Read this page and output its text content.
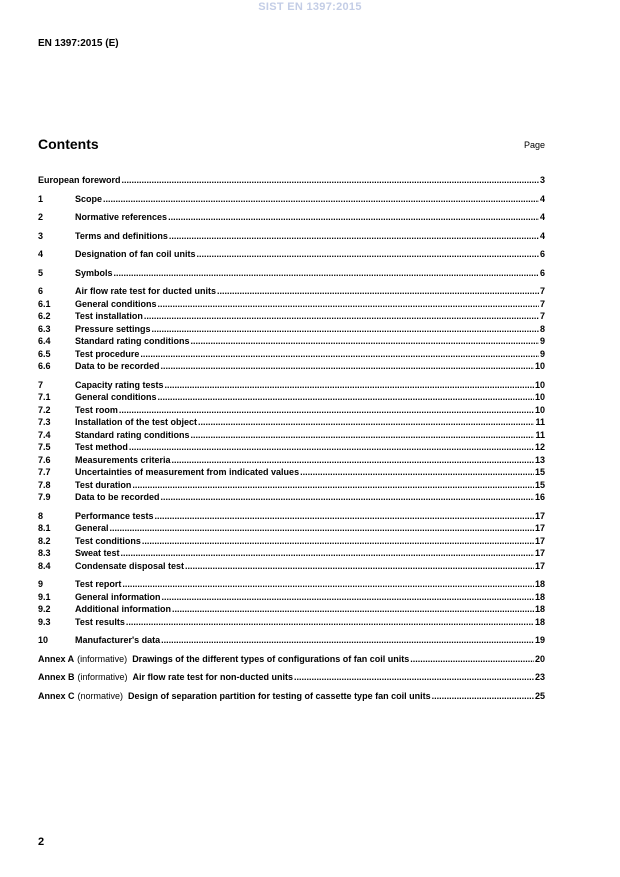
SIST EN 1397:2015
EN 1397:2015 (E)
Contents	Page
European foreword .....	3
1	Scope .....	4
2	Normative references .....	4
3	Terms and definitions .....	4
4	Designation of fan coil units .....	6
5	Symbols .....	6
6	Air flow rate test for ducted units .....	7
6.1	General conditions .....	7
6.2	Test installation .....	7
6.3	Pressure settings .....	8
6.4	Standard rating conditions .....	9
6.5	Test procedure .....	9
6.6	Data to be recorded .....	10
7	Capacity rating tests .....	10
7.1	General conditions .....	10
7.2	Test room .....	10
7.3	Installation of the test object .....	11
7.4	Standard rating conditions .....	11
7.5	Test method .....	12
7.6	Measurements criteria .....	13
7.7	Uncertainties of measurement from indicated values .....	15
7.8	Test duration .....	15
7.9	Data to be recorded .....	16
8	Performance tests .....	17
8.1	General .....	17
8.2	Test conditions .....	17
8.3	Sweat test .....	17
8.4	Condensate disposal test .....	17
9	Test report .....	18
9.1	General information .....	18
9.2	Additional information .....	18
9.3	Test results .....	18
10	Manufacturer's data .....	19
Annex A (informative) Drawings of the different types of configurations of fan coil units .....	20
Annex B (informative) Air flow rate test for non-ducted units .....	23
Annex C (normative) Design of separation partition for testing of cassette type fan coil units .....	25
2
